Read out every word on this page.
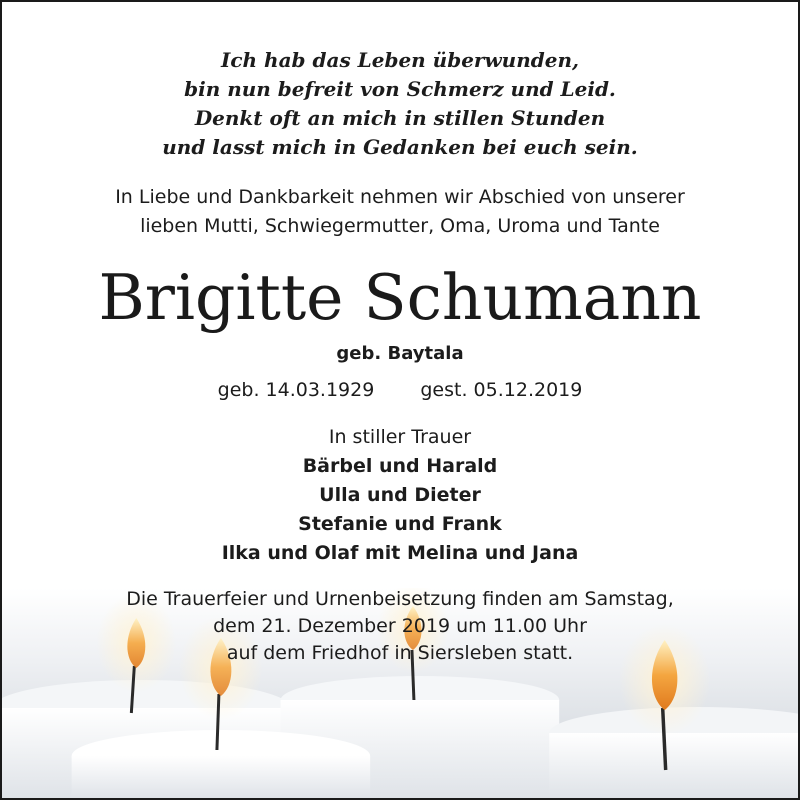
Ich hab das Leben überwunden,
bin nun befreit von Schmerz und Leid.
Denkt oft an mich in stillen Stunden
und lasst mich in Gedanken bei euch sein.
In Liebe und Dankbarkeit nehmen wir Abschied von unserer
lieben Mutti, Schwiegermutter, Oma, Uroma und Tante
Brigitte Schumann
geb. Baytala
geb. 14.03.1929 gest. 05.12.2019
In stiller Trauer
Bärbel und Harald
Ulla und Dieter
Stefanie und Frank
Ilka und Olaf mit Melina und Jana
Die Trauerfeier und Urnenbeisetzung finden am Samstag,
dem 21. Dezember 2019 um 11.00 Uhr
auf dem Friedhof in Siersleben statt.
